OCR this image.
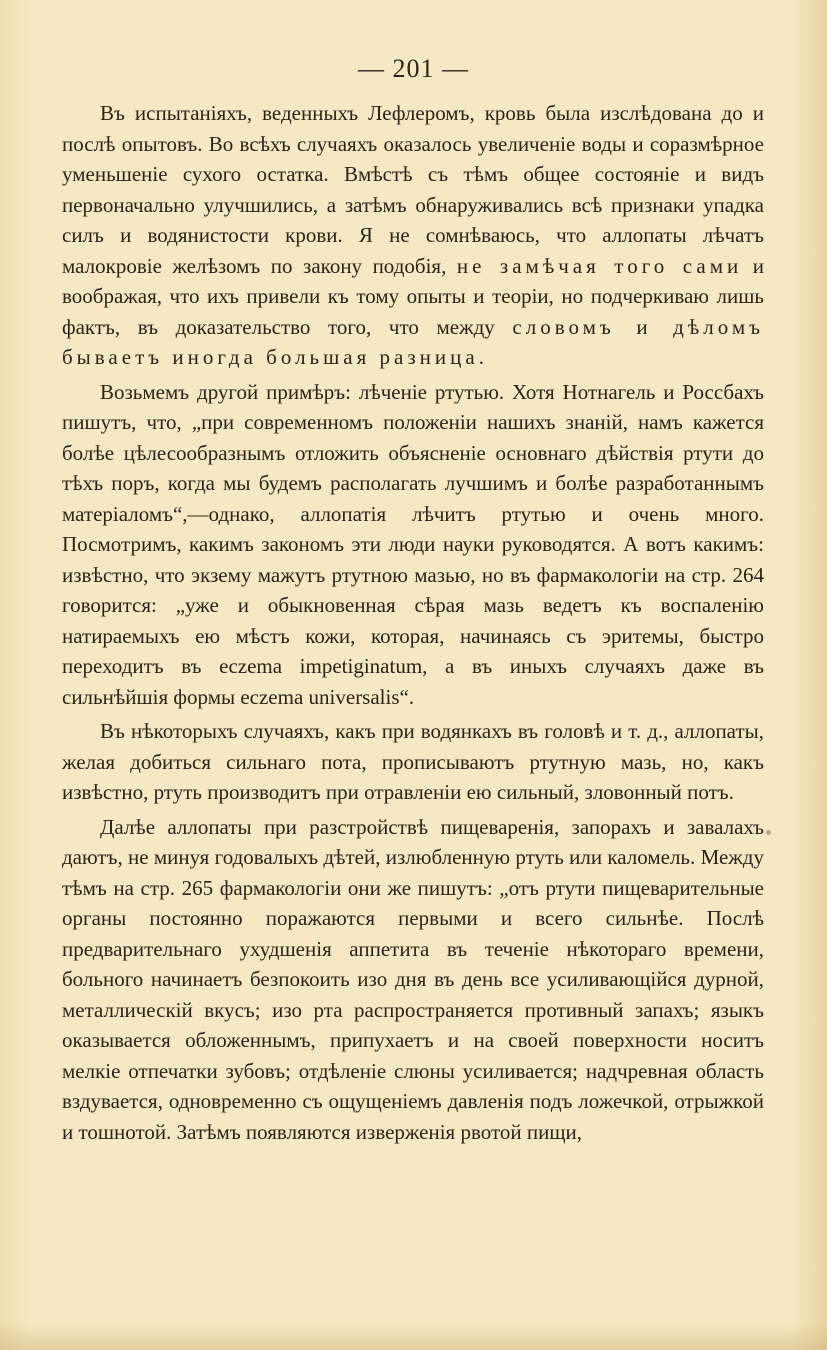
— 201 —

Въ испытаніяхъ, веденныхъ Лефлеромъ, кровь была изслѣдована до и послѣ опытовъ. Во всѣхъ случаяхъ оказалось увеличеніе воды и соразмѣрное уменьшеніе сухого остатка. Вмѣстѣ съ тѣмъ общее состояніе и видъ первоначально улучшились, а затѣмъ обнаруживались всѣ признаки упадка силъ и водянистости крови. Я не сомнѣваюсь, что аллопаты лѣчатъ малокровіе желѣзомъ по закону подобія, не замѣчая того сами и воображая, что ихъ привели къ тому опыты и теоріи, но подчеркиваю лишь фактъ, въ доказательство того, что между словомъ и дѣломъ бываетъ иногда большая разница.

Возьмемъ другой примѣръ: лѣченіе ртутью. Хотя Нотнагель и Россбахъ пишутъ, что, „при современномъ положеніи нашихъ знаній, намъ кажется болѣе цѣлесообразнымъ отложить объясненіе основнаго дѣйствія ртути до тѣхъ поръ, когда мы будемъ располагать лучшимъ и болѣе разработаннымъ матеріаломъ“,—однако, аллопатія лѣчитъ ртутью и очень много. Посмотримъ, какимъ закономъ эти люди науки руководятся. А вотъ какимъ: извѣстно, что экзему мажутъ ртутною мазью, но въ фармакологіи на стр. 264 говорится: „уже и обыкновенная сѣрая мазь ведетъ къ воспаленію натираемыхъ ею мѣстъ кожи, которая, начинаясь съ эритемы, быстро переходитъ въ eczema impetiginatum, а въ иныхъ случаяхъ даже въ сильнѣйшія формы eczema universalis“.

Въ нѣкоторыхъ случаяхъ, какъ при водянкахъ въ головѣ и т. д., аллопаты, желая добиться сильнаго пота, прописываютъ ртутную мазь, но, какъ извѣстно, ртуть производитъ при отравленіи ею сильный, зловонный потъ.

Далѣе аллопаты при разстройствѣ пищеваренія, запорахъ и завалахъ даютъ, не минуя годовалыхъ дѣтей, излюбленную ртуть или каломель. Между тѣмъ на стр. 265 фармакологіи они же пишутъ: „отъ ртути пищеварительные органы постоянно поражаются первыми и всего сильнѣе. Послѣ предварительнаго ухудшенія аппетита въ теченіе нѣкотораго времени, больного начинаетъ безпокоить изо дня въ день все усиливающійся дурной, металлическій вкусъ; изо рта распространяется противный запахъ; языкъ оказывается обложеннымъ, припухаетъ и на своей поверхности носитъ мелкіе отпечатки зубовъ; отдѣленіе слюны усиливается; надчревная область вздувается, одновременно съ ощущеніемъ давленія подъ ложечкой, отрыжкой и тошнотой. Затѣмъ появляются изверженія рвотой пищи,
